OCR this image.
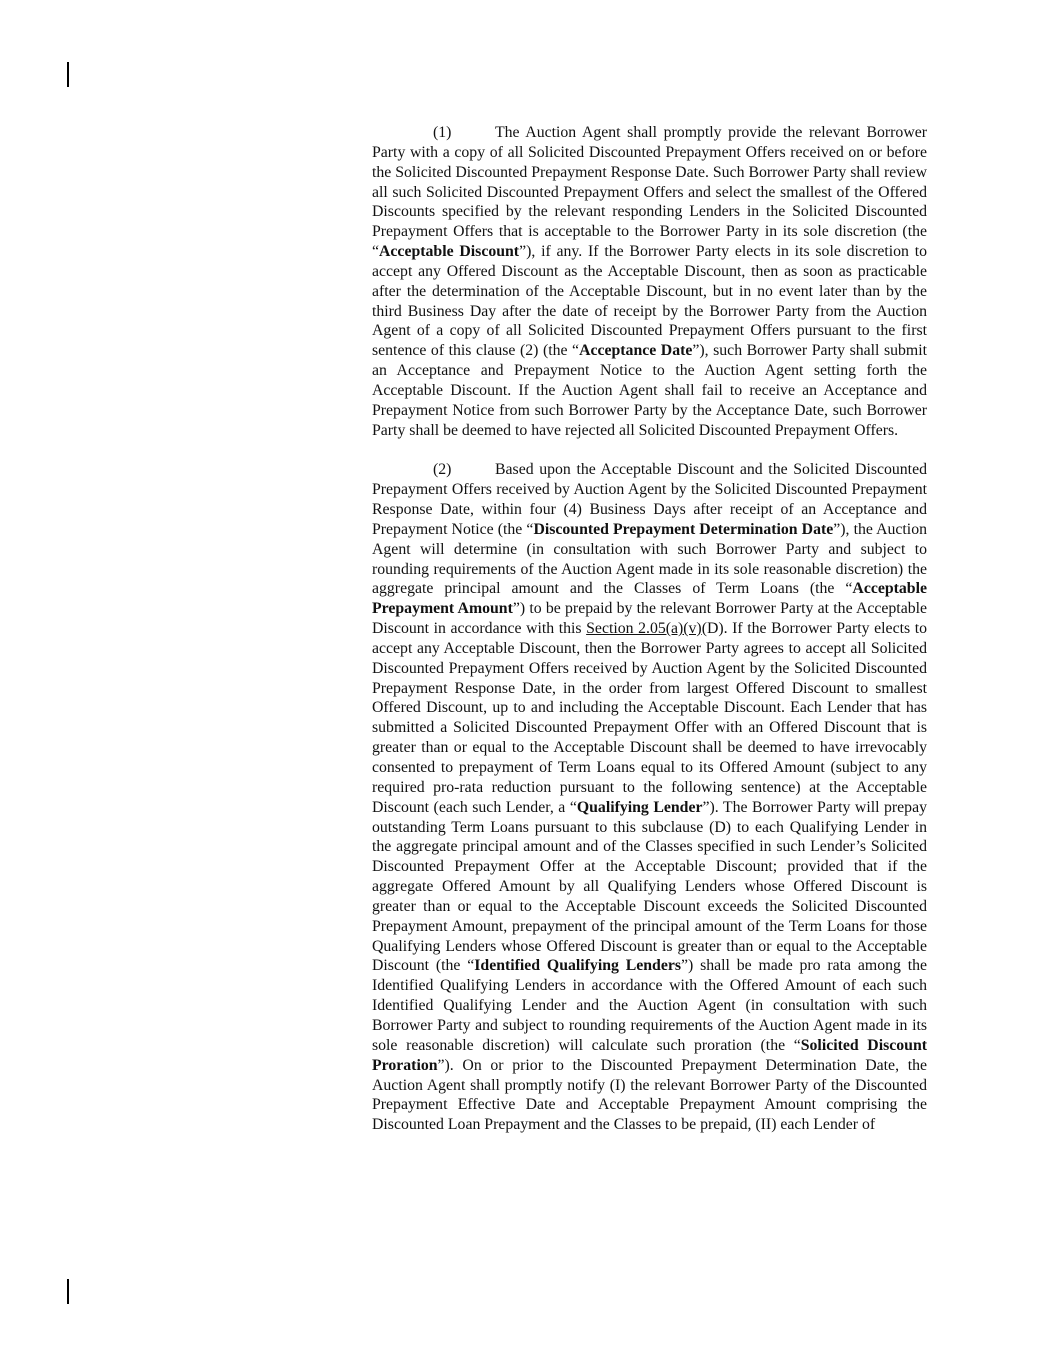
(1)	The Auction Agent shall promptly provide the relevant Borrower Party with a copy of all Solicited Discounted Prepayment Offers received on or before the Solicited Discounted Prepayment Response Date. Such Borrower Party shall review all such Solicited Discounted Prepayment Offers and select the smallest of the Offered Discounts specified by the relevant responding Lenders in the Solicited Discounted Prepayment Offers that is acceptable to the Borrower Party in its sole discretion (the “Acceptable Discount”), if any. If the Borrower Party elects in its sole discretion to accept any Offered Discount as the Acceptable Discount, then as soon as practicable after the determination of the Acceptable Discount, but in no event later than by the third Business Day after the date of receipt by the Borrower Party from the Auction Agent of a copy of all Solicited Discounted Prepayment Offers pursuant to the first sentence of this clause (2) (the “Acceptance Date”), such Borrower Party shall submit an Acceptance and Prepayment Notice to the Auction Agent setting forth the Acceptable Discount. If the Auction Agent shall fail to receive an Acceptance and Prepayment Notice from such Borrower Party by the Acceptance Date, such Borrower Party shall be deemed to have rejected all Solicited Discounted Prepayment Offers.

(2)	Based upon the Acceptable Discount and the Solicited Discounted Prepayment Offers received by Auction Agent by the Solicited Discounted Prepayment Response Date, within four (4) Business Days after receipt of an Acceptance and Prepayment Notice (the “Discounted Prepayment Determination Date”), the Auction Agent will determine (in consultation with such Borrower Party and subject to rounding requirements of the Auction Agent made in its sole reasonable discretion) the aggregate principal amount and the Classes of Term Loans (the “Acceptable Prepayment Amount”) to be prepaid by the relevant Borrower Party at the Acceptable Discount in accordance with this Section 2.05(a)(v)(D). If the Borrower Party elects to accept any Acceptable Discount, then the Borrower Party agrees to accept all Solicited Discounted Prepayment Offers received by Auction Agent by the Solicited Discounted Prepayment Response Date, in the order from largest Offered Discount to smallest Offered Discount, up to and including the Acceptable Discount. Each Lender that has submitted a Solicited Discounted Prepayment Offer with an Offered Discount that is greater than or equal to the Acceptable Discount shall be deemed to have irrevocably consented to prepayment of Term Loans equal to its Offered Amount (subject to any required pro-rata reduction pursuant to the following sentence) at the Acceptable Discount (each such Lender, a “Qualifying Lender”). The Borrower Party will prepay outstanding Term Loans pursuant to this subclause (D) to each Qualifying Lender in the aggregate principal amount and of the Classes specified in such Lender’s Solicited Discounted Prepayment Offer at the Acceptable Discount; provided that if the aggregate Offered Amount by all Qualifying Lenders whose Offered Discount is greater than or equal to the Acceptable Discount exceeds the Solicited Discounted Prepayment Amount, prepayment of the principal amount of the Term Loans for those Qualifying Lenders whose Offered Discount is greater than or equal to the Acceptable Discount (the “Identified Qualifying Lenders”) shall be made pro rata among the Identified Qualifying Lenders in accordance with the Offered Amount of each such Identified Qualifying Lender and the Auction Agent (in consultation with such Borrower Party and subject to rounding requirements of the Auction Agent made in its sole reasonable discretion) will calculate such proration (the “Solicited Discount Proration”). On or prior to the Discounted Prepayment Determination Date, the Auction Agent shall promptly notify (I) the relevant Borrower Party of the Discounted Prepayment Effective Date and Acceptable Prepayment Amount comprising the Discounted Loan Prepayment and the Classes to be prepaid, (II) each Lender of
